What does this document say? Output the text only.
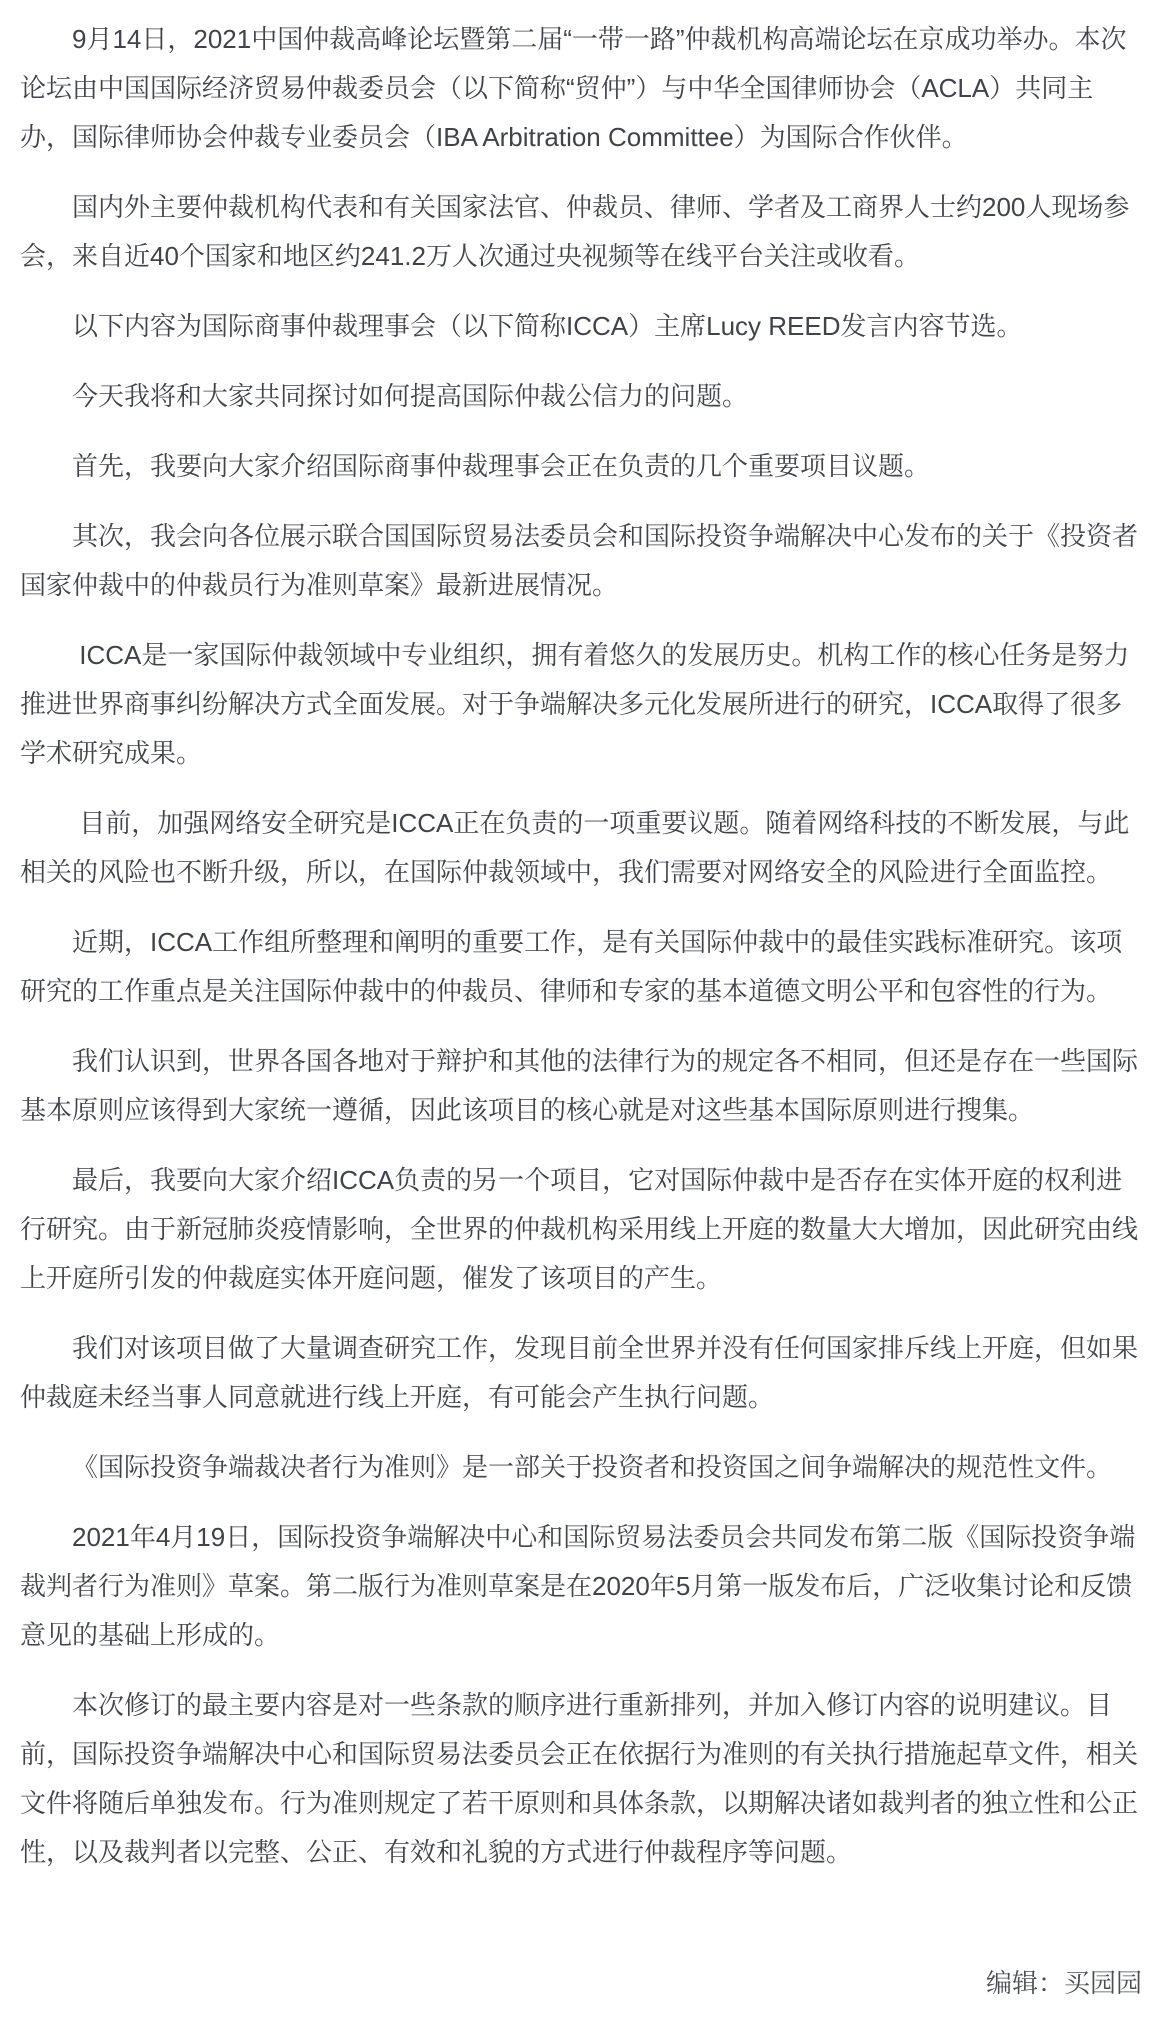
9月14日，2021中国仲裁高峰论坛暨第二届“一带一路”仲裁机构高端论坛在京成功举办。本次论坛由中国国际经济贸易仲裁委员会（以下简称“贸仲”）与中华全国律师协会（ACLA）共同主办，国际律师协会仲裁专业委员会（IBA Arbitration Committee）为国际合作伙伴。

国内外主要仲裁机构代表和有关国家法官、仲裁员、律师、学者及工商界人士约200人现场参会，来自近40个国家和地区约241.2万人次通过央视频等在线平台关注或收看。

以下内容为国际商事仲裁理事会（以下简称ICCA）主席Lucy REED发言内容节选。

今天我将和大家共同探讨如何提高国际仲裁公信力的问题。

首先，我要向大家介绍国际商事仲裁理事会正在负责的几个重要项目议题。

其次，我会向各位展示联合国国际贸易法委员会和国际投资争端解决中心发布的关于《投资者国家仲裁中的仲裁员行为准则草案》最新进展情况。

ICCA是一家国际仲裁领域中专业组织，拥有着悠久的发展历史。机构工作的核心任务是努力推进世界商事纠纷解决方式全面发展。对于争端解决多元化发展所进行的研究，ICCA取得了很多学术研究成果。

目前，加强网络安全研究是ICCA正在负责的一项重要议题。随着网络科技的不断发展，与此相关的风险也不断升级，所以，在国际仲裁领域中，我们需要对网络安全的风险进行全面监控。

近期，ICCA工作组所整理和阐明的重要工作，是有关国际仲裁中的最佳实践标准研究。该项研究的工作重点是关注国际仲裁中的仲裁员、律师和专家的基本道德文明公平和包容性的行为。

我们认识到，世界各国各地对于辩护和其他的法律行为的规定各不相同，但还是存在一些国际基本原则应该得到大家统一遵循，因此该项目的核心就是对这些基本国际原则进行搜集。

最后，我要向大家介绍ICCA负责的另一个项目，它对国际仲裁中是否存在实体开庭的权利进行研究。由于新冠肺炎疫情影响，全世界的仲裁机构采用线上开庭的数量大大增加，因此研究由线上开庭所引发的仲裁庭实体开庭问题，催发了该项目的产生。

我们对该项目做了大量调查研究工作，发现目前全世界并没有任何国家排斥线上开庭，但如果仲裁庭未经当事人同意就进行线上开庭，有可能会产生执行问题。

《国际投资争端裁决者行为准则》是一部关于投资者和投资国之间争端解决的规范性文件。

2021年4月19日，国际投资争端解决中心和国际贸易法委员会共同发布第二版《国际投资争端裁判者行为准则》草案。第二版行为准则草案是在2020年5月第一版发布后，广泛收集讨论和反馈意见的基础上形成的。

本次修订的最主要内容是对一些条款的顺序进行重新排列，并加入修订内容的说明建议。目前，国际投资争端解决中心和国际贸易法委员会正在依据行为准则的有关执行措施起草文件，相关文件将随后单独发布。行为准则规定了若干原则和具体条款，以期解决诸如裁判者的独立性和公正性，以及裁判者以完整、公正、有效和礼貌的方式进行仲裁程序等问题。

编辑：买园园
